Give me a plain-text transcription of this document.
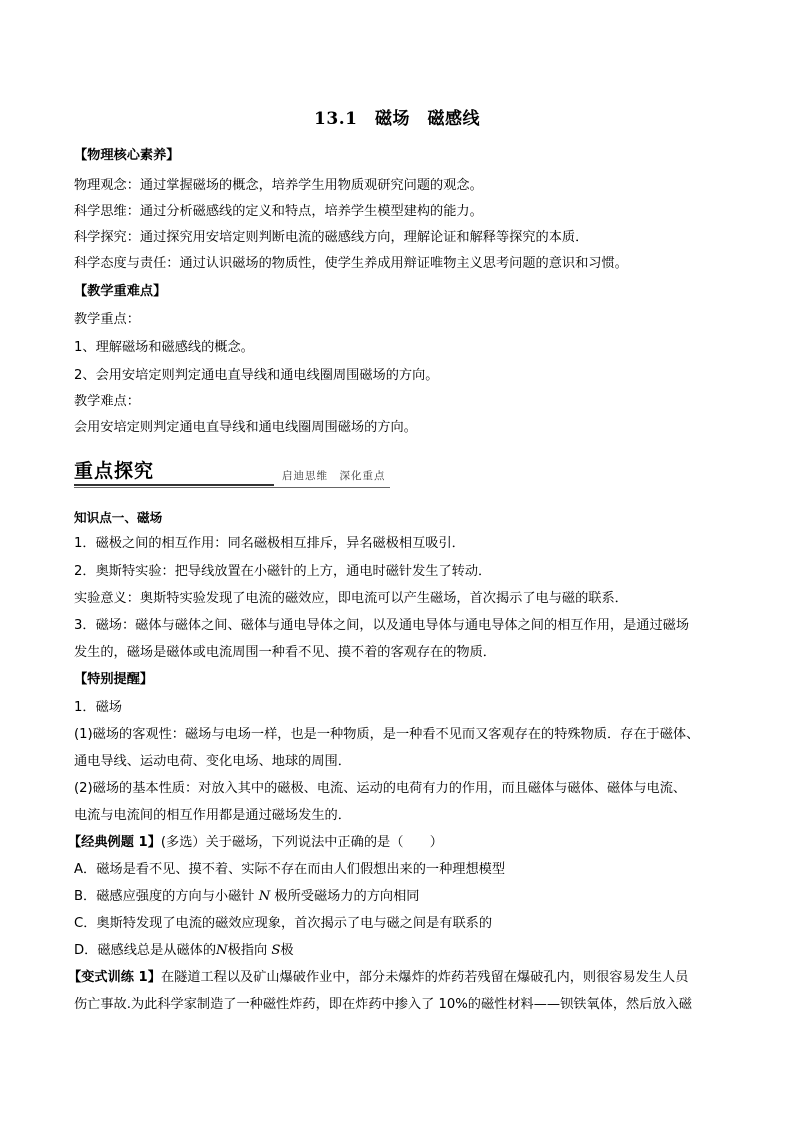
13.1　磁场　磁感线
【物理核心素养】
物理观念：通过掌握磁场的概念，培养学生用物质观研究问题的观念。
科学思维：通过分析磁感线的定义和特点，培养学生模型建构的能力。
科学探究：通过探究用安培定则判断电流的磁感线方向，理解论证和解释等探究的本质．
科学态度与责任：通过认识磁场的物质性，使学生养成用辩证唯物主义思考问题的意识和习惯。
【教学重难点】
教学重点：
1、理解磁场和磁感线的概念。
2、会用安培定则判定通电直导线和通电线圈周围磁场的方向。
教学难点：
会用安培定则判定通电直导线和通电线圈周围磁场的方向。
重点探究	启迪思维　深化重点
知识点一、磁场
1．磁极之间的相互作用：同名磁极相互排斥，异名磁极相互吸引．
2．奥斯特实验：把导线放置在小磁针的上方，通电时磁针发生了转动．
实验意义：奥斯特实验发现了电流的磁效应，即电流可以产生磁场，首次揭示了电与磁的联系．
3．磁场：磁体与磁体之间、磁体与通电导体之间，以及通电导体与通电导体之间的相互作用，是通过磁场
发生的，磁场是磁体或电流周围一种看不见、摸不着的客观存在的物质．
【特别提醒】
1．磁场
(1)磁场的客观性：磁场与电场一样，也是一种物质，是一种看不见而又客观存在的特殊物质．存在于磁体、
通电导线、运动电荷、变化电场、地球的周围．
(2)磁场的基本性质：对放入其中的磁极、电流、运动的电荷有力的作用，而且磁体与磁体、磁体与电流、
电流与电流间的相互作用都是通过磁场发生的．
【经典例题 1】(多选）关于磁场，下列说法中正确的是（　　）
A．磁场是看不见、摸不着、实际不存在而由人们假想出来的一种理想模型
B．磁感应强度的方向与小磁针 N 极所受磁场力的方向相同
C．奥斯特发现了电流的磁效应现象，首次揭示了电与磁之间是有联系的
D．磁感线总是从磁体的N极指向 S极
【变式训练 1】在隧道工程以及矿山爆破作业中，部分未爆炸的炸药若残留在爆破孔内，则很容易发生人员
伤亡事故.为此科学家制造了一种磁性炸药，即在炸药中掺入了 10%的磁性材料——钡铁氧体，然后放入磁
